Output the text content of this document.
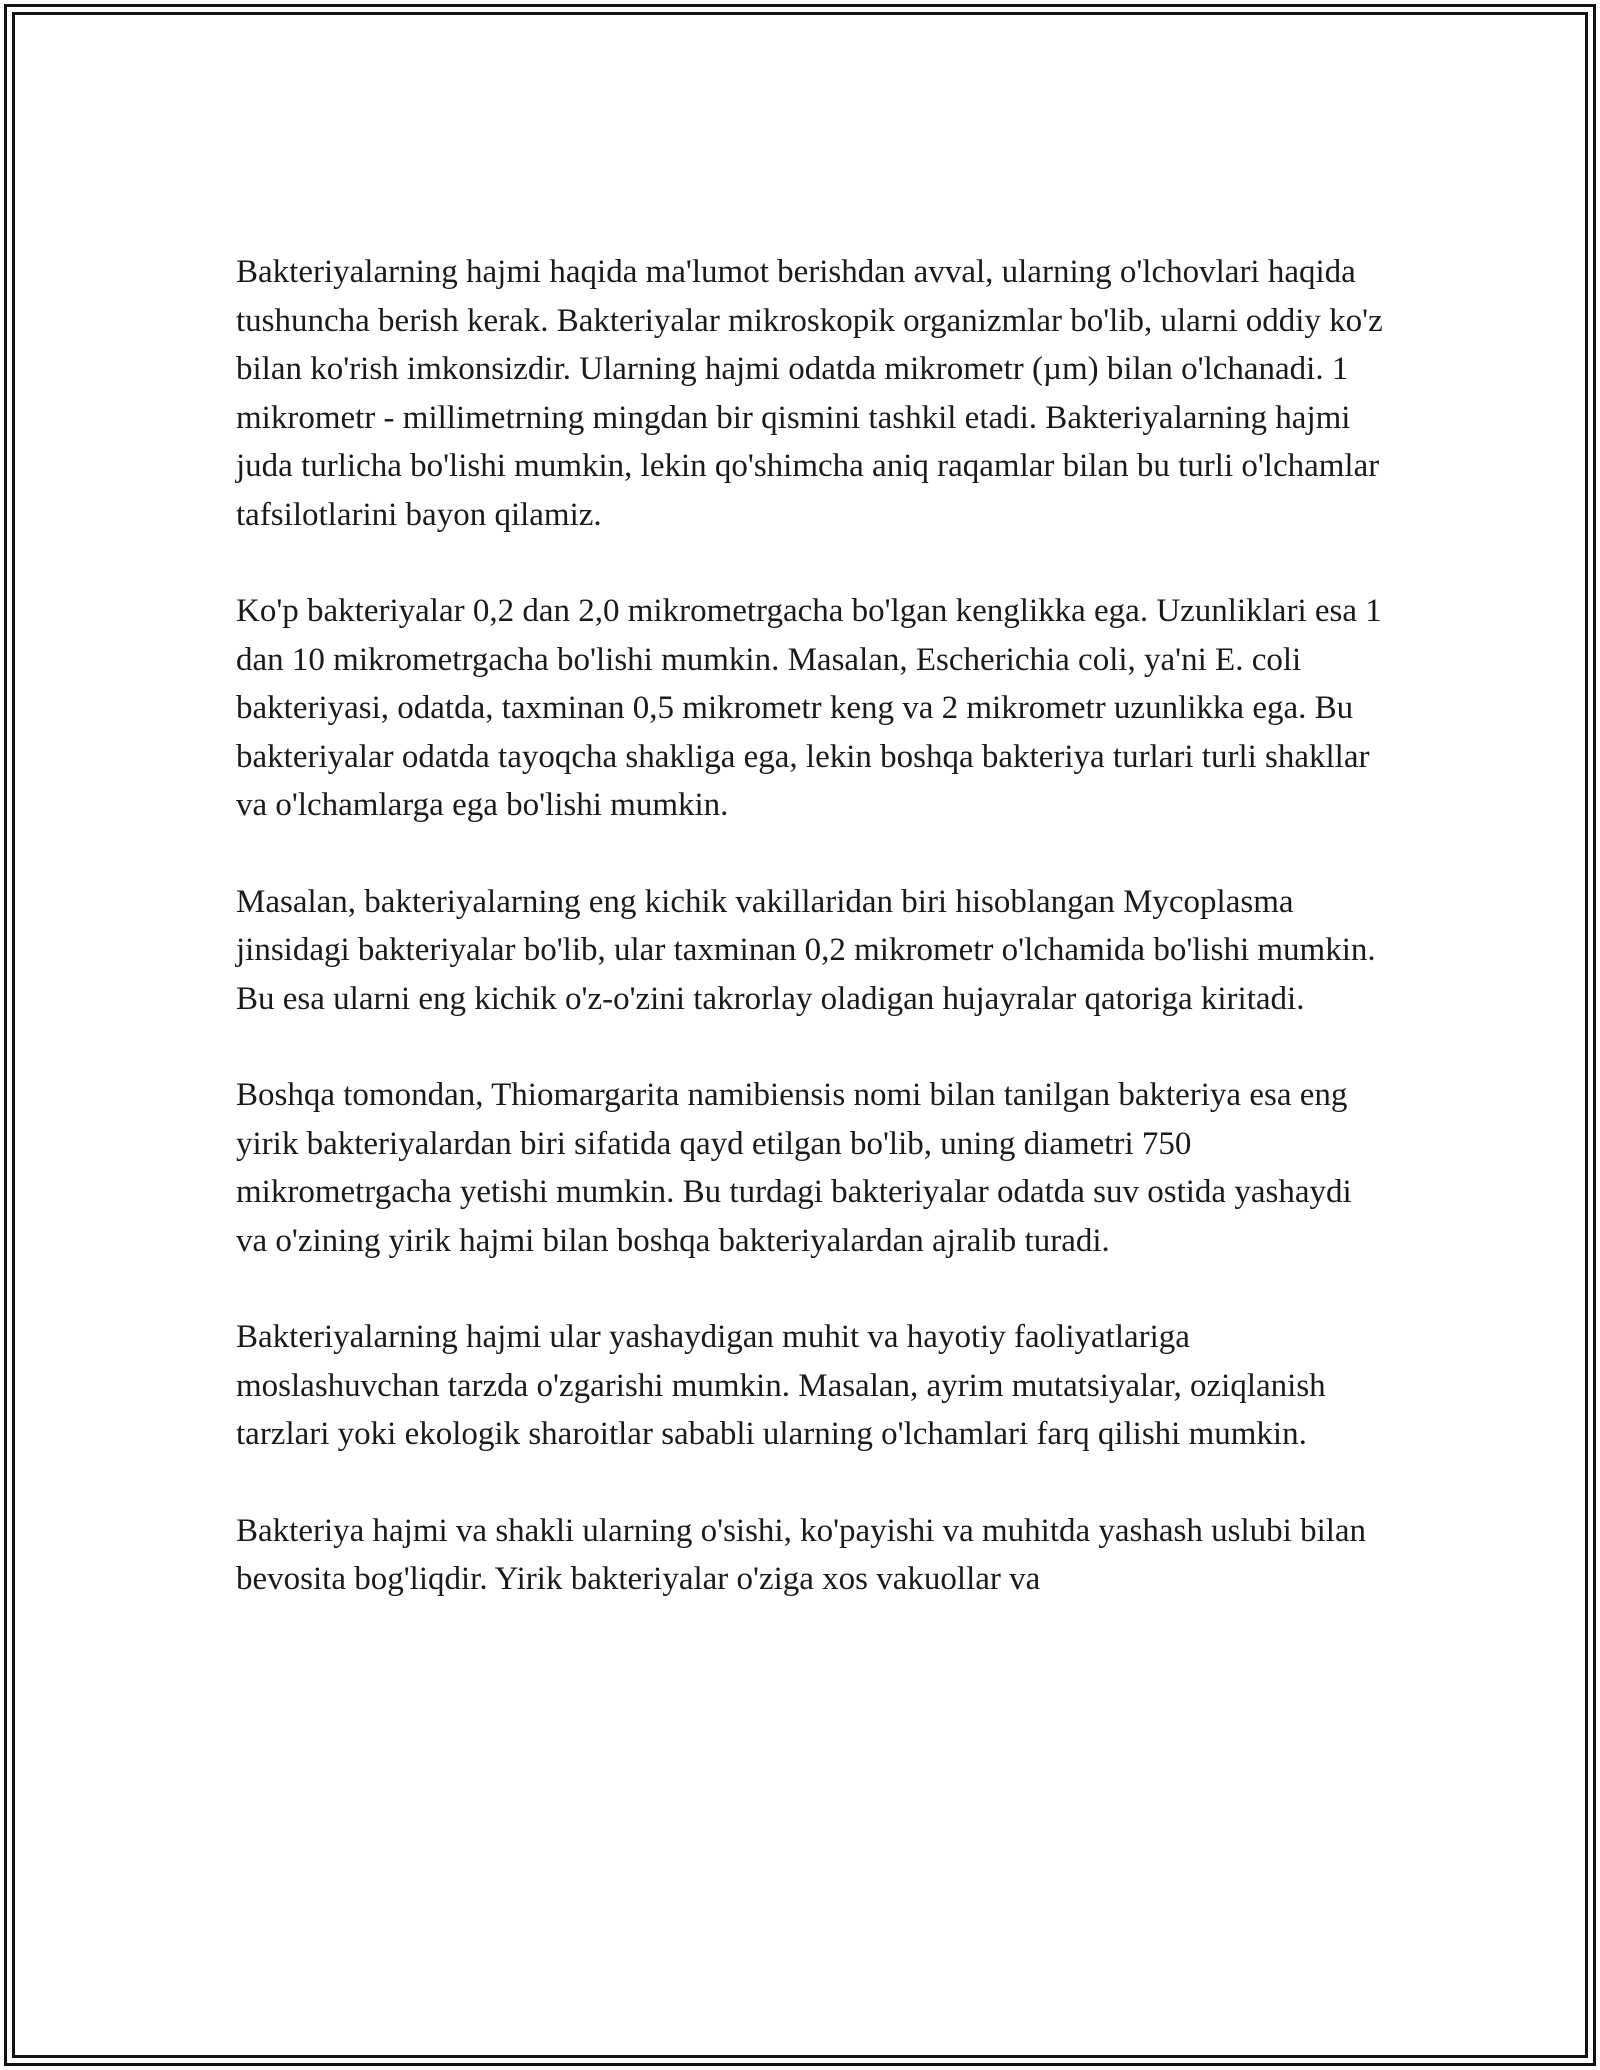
Bakteriyalarning hajmi haqida ma'lumot berishdan avval, ularning o'lchovlari haqida tushuncha berish kerak. Bakteriyalar mikroskopik organizmlar bo'lib, ularni oddiy ko'z bilan ko'rish imkonsizdir. Ularning hajmi odatda mikrometr (µm) bilan o'lchanadi. 1 mikrometr - millimetrning mingdan bir qismini tashkil etadi. Bakteriyalarning hajmi juda turlicha bo'lishi mumkin, lekin qo'shimcha aniq raqamlar bilan bu turli o'lchamlar tafsilotlarini bayon qilamiz.

Ko'p bakteriyalar 0,2 dan 2,0 mikrometrgacha bo'lgan kenglikka ega. Uzunliklari esa 1 dan 10 mikrometrgacha bo'lishi mumkin. Masalan, Escherichia coli, ya'ni E. coli bakteriyasi, odatda, taxminan 0,5 mikrometr keng va 2 mikrometr uzunlikka ega. Bu bakteriyalar odatda tayoqcha shakliga ega, lekin boshqa bakteriya turlari turli shakllar va o'lchamlarga ega bo'lishi mumkin.

Masalan, bakteriyalarning eng kichik vakillaridan biri hisoblangan Mycoplasma jinsidagi bakteriyalar bo'lib, ular taxminan 0,2 mikrometr o'lchamida bo'lishi mumkin. Bu esa ularni eng kichik o'z-o'zini takrorlay oladigan hujayralar qatoriga kiritadi.

Boshqa tomondan, Thiomargarita namibiensis nomi bilan tanilgan bakteriya esa eng yirik bakteriyalardan biri sifatida qayd etilgan bo'lib, uning diametri 750 mikrometrgacha yetishi mumkin. Bu turdagi bakteriyalar odatda suv ostida yashaydi va o'zining yirik hajmi bilan boshqa bakteriyalardan ajralib turadi.

Bakteriyalarning hajmi ular yashaydigan muhit va hayotiy faoliyatlariga moslashuvchan tarzda o'zgarishi mumkin. Masalan, ayrim mutatsiyalar, oziqlanish tarzlari yoki ekologik sharoitlar sababli ularning o'lchamlari farq qilishi mumkin.

Bakteriya hajmi va shakli ularning o'sishi, ko'payishi va muhitda yashash uslubi bilan bevosita bog'liqdir. Yirik bakteriyalar o'ziga xos vakuollar va
